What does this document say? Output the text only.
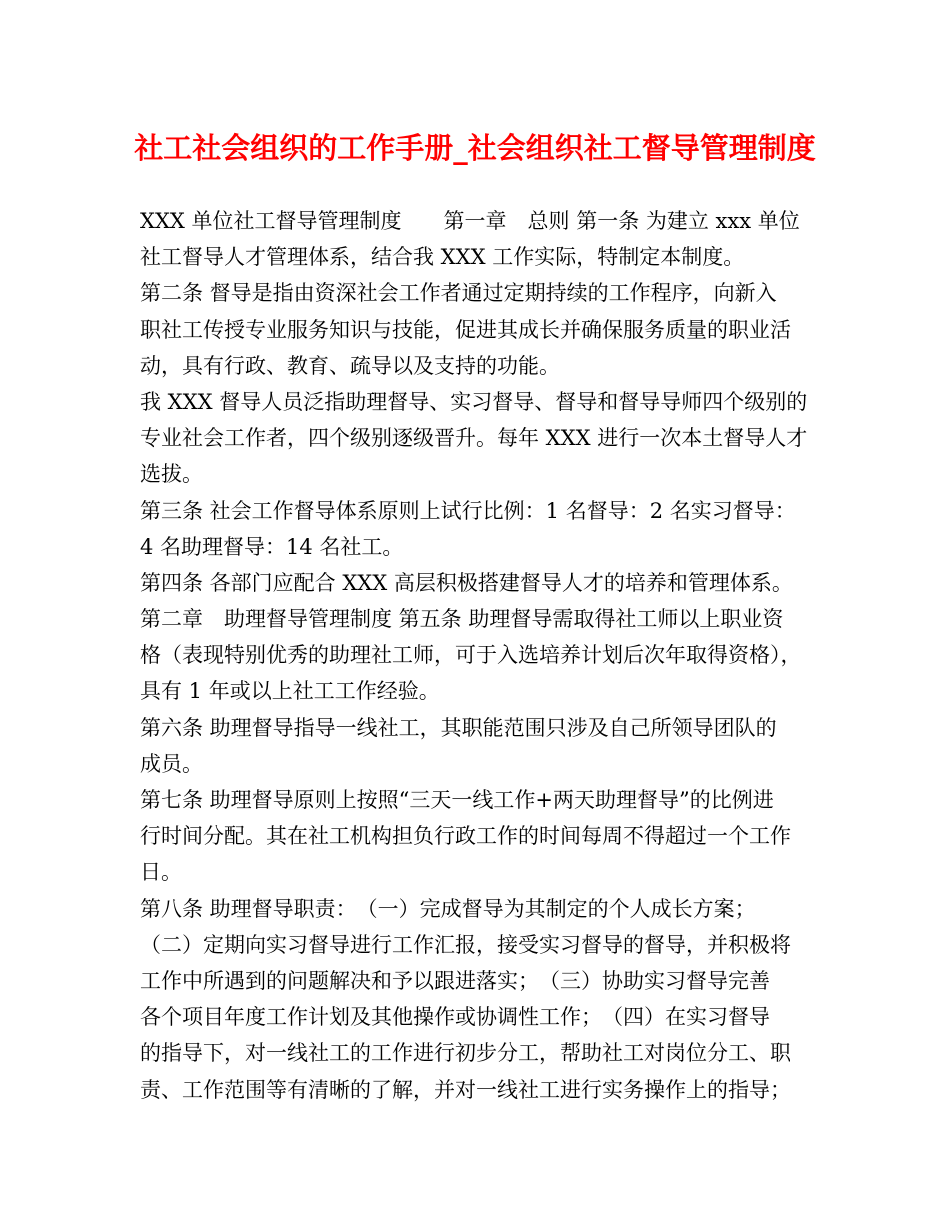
社工社会组织的工作手册_社会组织社工督导管理制度
XXX 单位社工督导管理制度　　第一章　总则 第一条 为建立 xxx 单位
社工督导人才管理体系，结合我 XXX 工作实际，特制定本制度。
第二条 督导是指由资深社会工作者通过定期持续的工作程序，向新入
职社工传授专业服务知识与技能，促进其成长并确保服务质量的职业活
动，具有行政、教育、疏导以及支持的功能。
我 XXX 督导人员泛指助理督导、实习督导、督导和督导导师四个级别的
专业社会工作者，四个级别逐级晋升。每年 XXX 进行一次本土督导人才
选拔。
第三条 社会工作督导体系原则上试行比例：1 名督导：2 名实习督导：
4 名助理督导：14 名社工。
第四条 各部门应配合 XXX 高层积极搭建督导人才的培养和管理体系。
第二章　助理督导管理制度 第五条 助理督导需取得社工师以上职业资
格（表现特别优秀的助理社工师，可于入选培养计划后次年取得资格），
具有 1 年或以上社工工作经验。
第六条 助理督导指导一线社工，其职能范围只涉及自己所领导团队的
成员。
第七条 助理督导原则上按照“三天一线工作+两天助理督导”的比例进
行时间分配。其在社工机构担负行政工作的时间每周不得超过一个工作
日。
第八条 助理督导职责：　（一）完成督导为其制定的个人成长方案；
（二）定期向实习督导进行工作汇报，接受实习督导的督导，并积极将
工作中所遇到的问题解决和予以跟进落实；　（三）协助实习督导完善
各个项目年度工作计划及其他操作或协调性工作；　（四）在实习督导
的指导下，对一线社工的工作进行初步分工，帮助社工对岗位分工、职
责、工作范围等有清晰的了解，并对一线社工进行实务操作上的指导；
